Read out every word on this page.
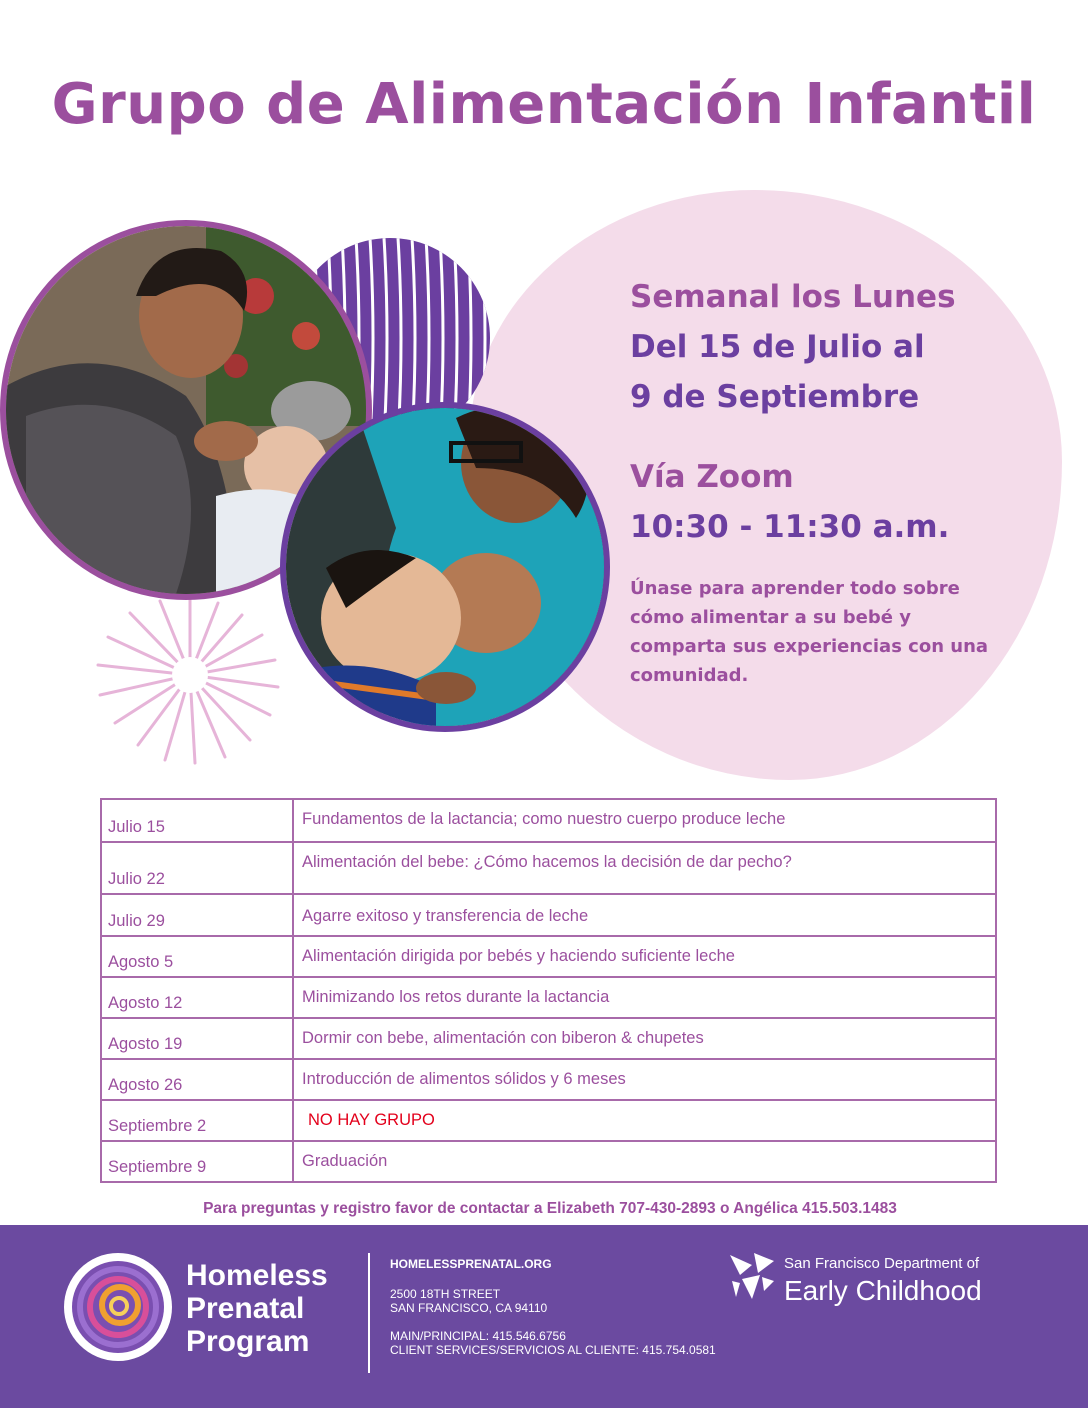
Grupo de Alimentación Infantil
Semanal los Lunes
Del 15 de Julio al
9 de Septiembre
Vía Zoom
10:30 - 11:30 a.m.
Únase para aprender todo sobre cómo alimentar a su bebé y comparta sus experiencias con una comunidad.
Julio 15	Fundamentos de la lactancia; como nuestro cuerpo produce leche
Julio 22	Alimentación del bebe: ¿Cómo hacemos la decisión de dar pecho?
Julio 29	Agarre exitoso y transferencia de leche
Agosto 5	Alimentación dirigida por bebés y haciendo suficiente leche
Agosto 12	Minimizando los retos durante la lactancia
Agosto 19	Dormir con bebe, alimentación con biberon & chupetes
Agosto 26	Introducción de alimentos sólidos y 6 meses
Septiembre 2	NO HAY GRUPO
Septiembre 9	Graduación
Para preguntas y registro favor de contactar a Elizabeth 707-430-2893 o Angélica 415.503.1483
Homeless
Prenatal
Program
HOMELESSPRENATAL.ORG
2500 18TH STREET
SAN FRANCISCO, CA 94110
MAIN/PRINCIPAL: 415.546.6756
CLIENT SERVICES/SERVICIOS AL CLIENTE: 415.754.0581
San Francisco Department of
Early Childhood
